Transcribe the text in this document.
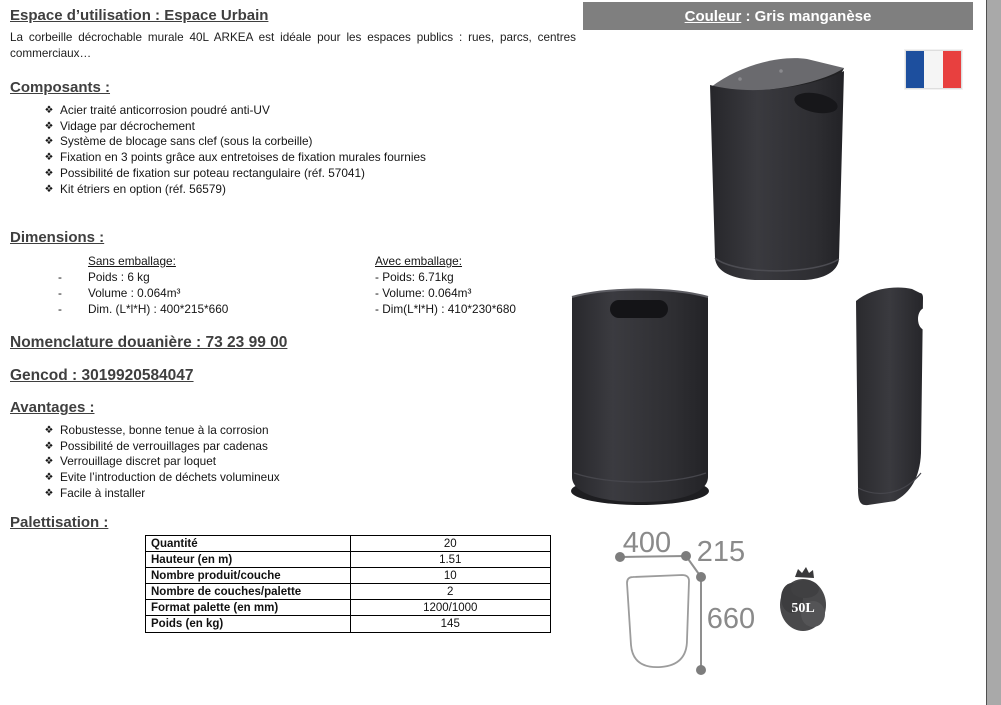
Espace d’utilisation : Espace Urbain
La corbeille décrochable murale 40L ARKEA est idéale pour les espaces publics : rues, parcs, centres commerciaux…
Composants :
❖ Acier traité anticorrosion poudré anti-UV
❖ Vidage par décrochement
❖ Système de blocage sans clef (sous la corbeille)
❖ Fixation en 3 points grâce aux entretoises de fixation murales fournies
❖ Possibilité de fixation sur poteau rectangulaire (réf. 57041)
❖ Kit étriers en option (réf. 56579)
Dimensions :
Sans emballage:
-	Poids : 6 kg
-	Volume : 0.064m³
-	Dim. (L*l*H) : 400*215*660
Avec emballage:
- Poids: 6.71kg
- Volume: 0.064m³
- Dim(L*l*H) : 410*230*680
Nomenclature douanière : 73 23 99 00
Gencod : 3019920584047
Avantages :
❖ Robustesse, bonne tenue à la corrosion
❖ Possibilité de verrouillages par cadenas
❖ Verrouillage discret par loquet
❖ Evite l’introduction de déchets volumineux
❖ Facile à installer
Palettisation :
Quantité	20
Hauteur (en m)	1.51
Nombre produit/couche	10
Nombre de couches/palette	2
Format palette (en mm)	1200/1000
Poids (en kg)	145
Couleur : Gris manganèse
400 215
660	50L
